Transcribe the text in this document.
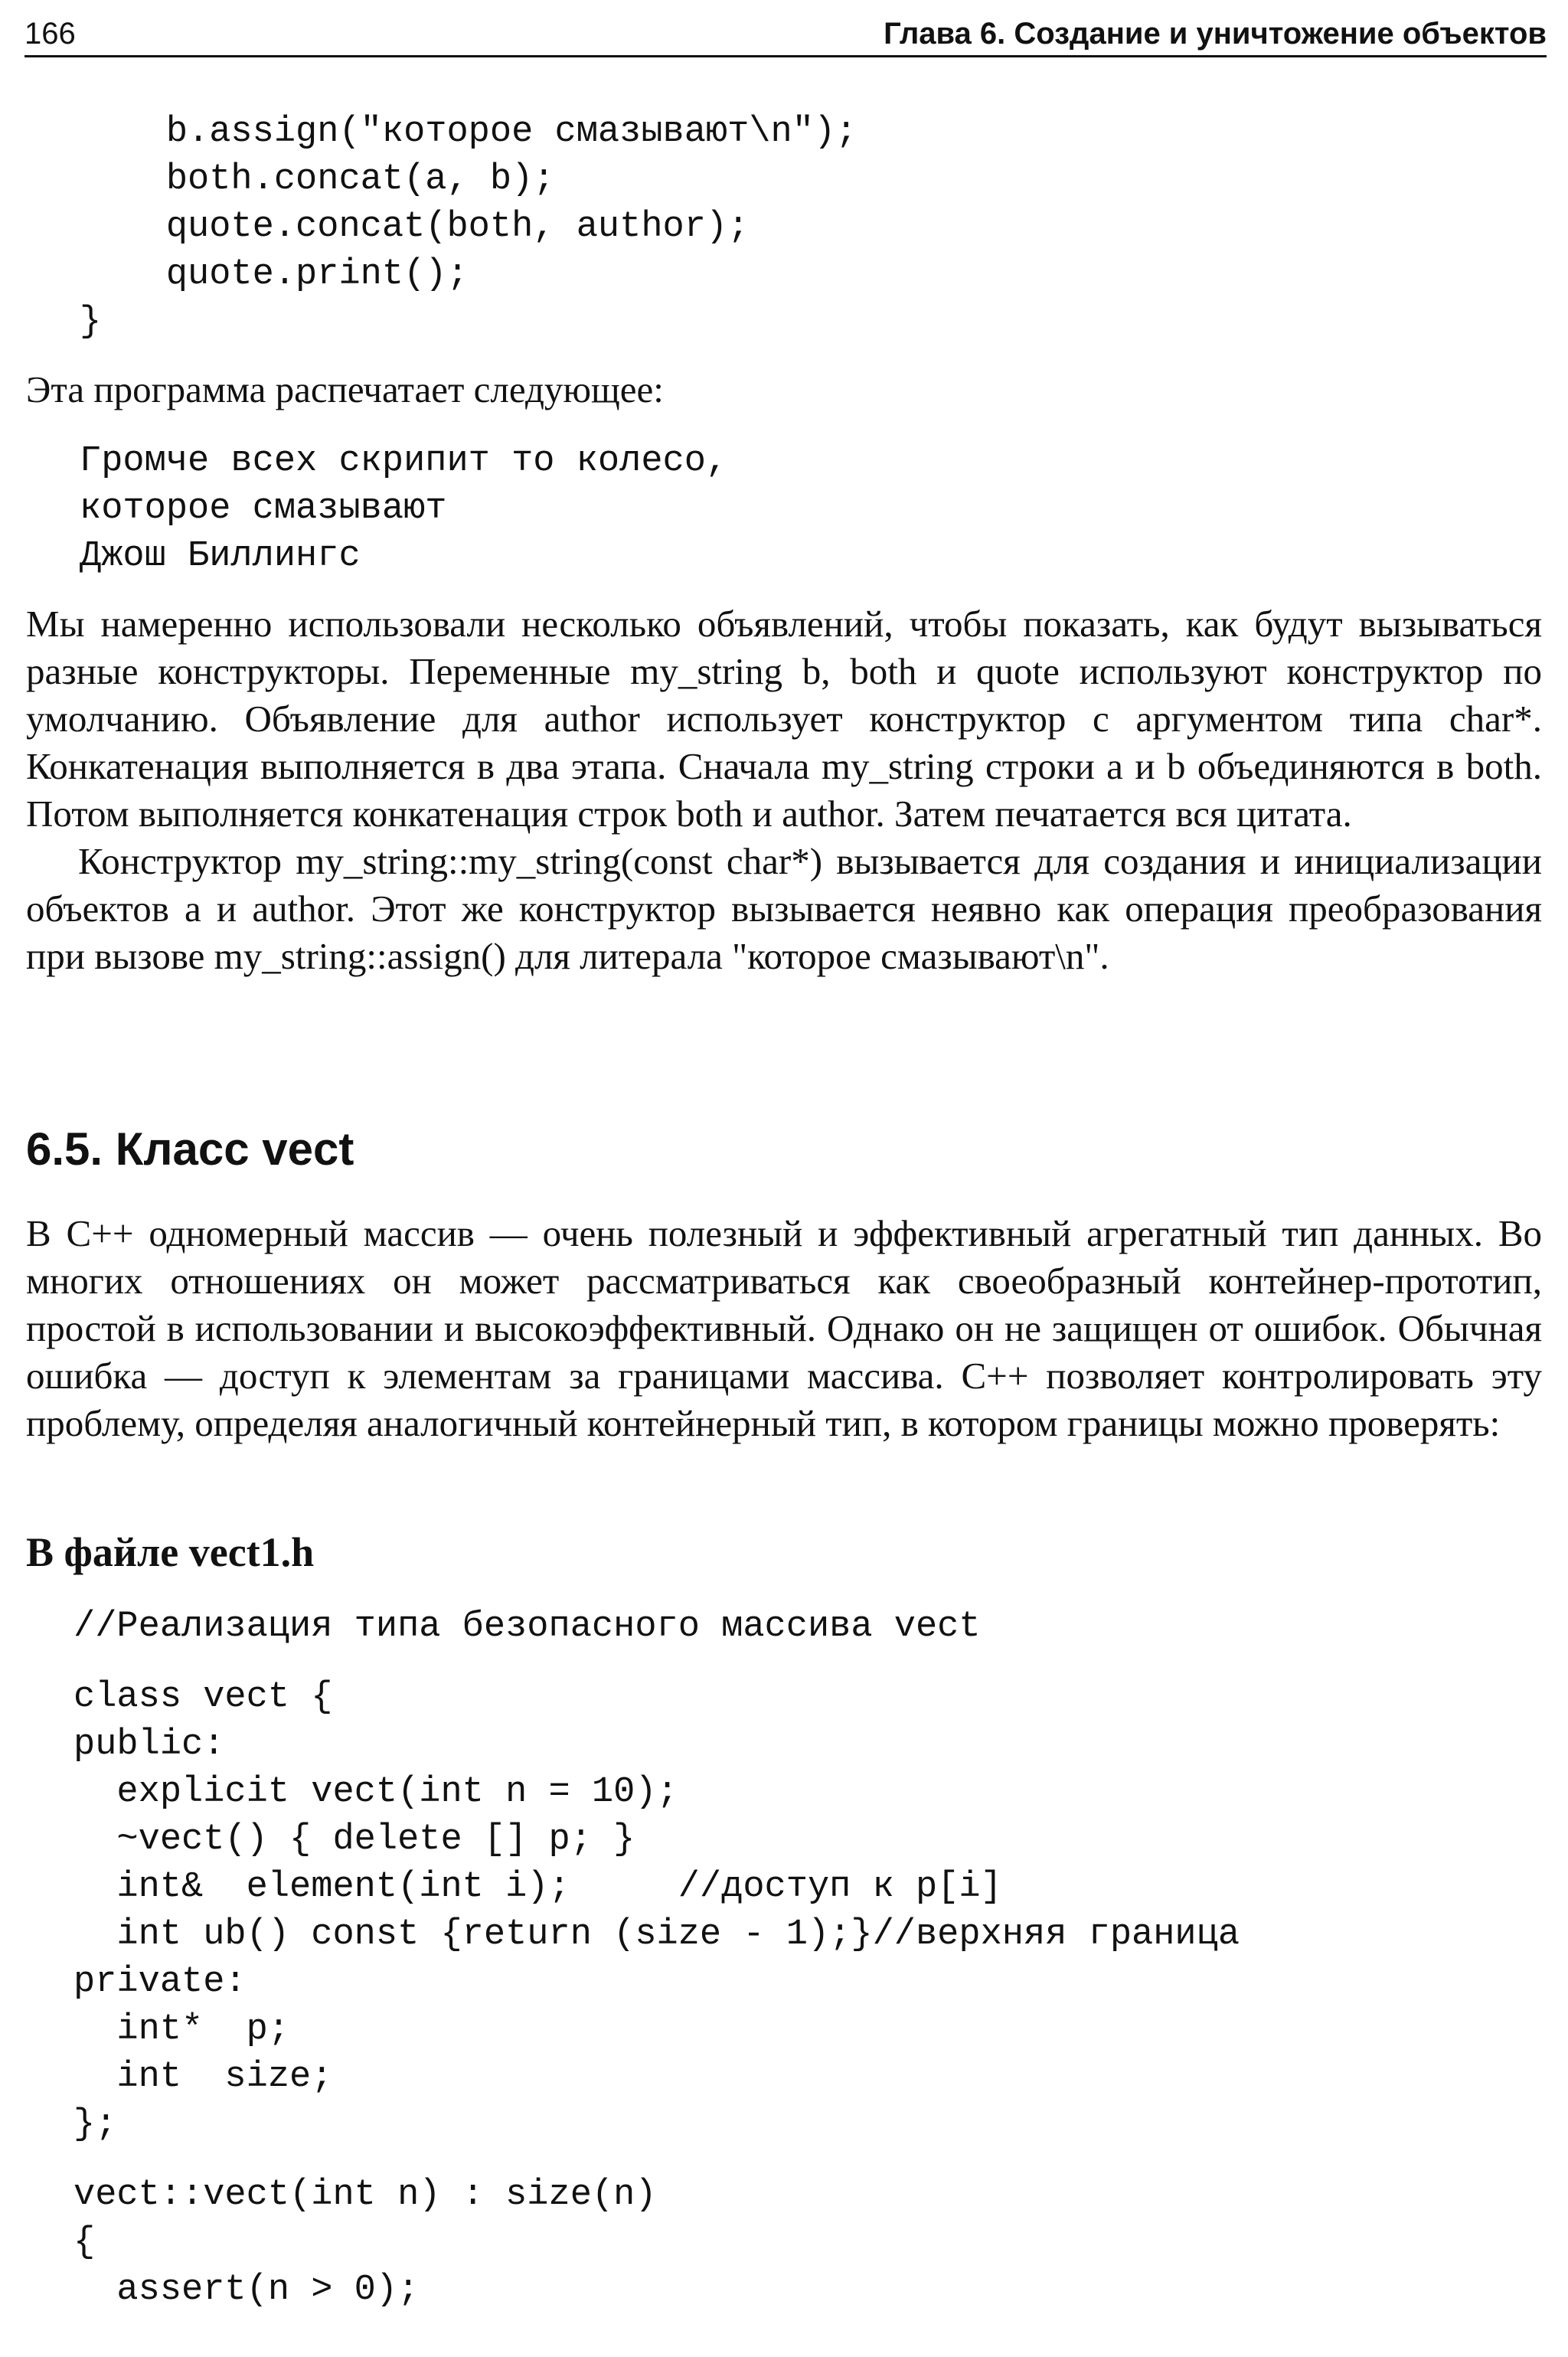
166	Глава 6. Создание и уничтожение объектов
b.assign("которое смазывают\n");
both.concat(a, b);
quote.concat(both, author);
quote.print();
}

Эта программа распечатает следующее:

Громче всех скрипит то колесо,
которое смазывают
Джош Биллингс

Мы намеренно использовали несколько объявлений, чтобы показать, как будут вызываться разные конструкторы. Переменные my_string b, both и quote используют конструктор по умолчанию. Объявление для author использует конструктор с аргументом типа char*. Конкатенация выполняется в два этапа. Сначала my_string строки a и b объединяются в both. Потом выполняется конкатенация строк both и author. Затем печатается вся цитата.

Конструктор my_string::my_string(const char*) вызывается для создания и инициализации объектов a и author. Этот же конструктор вызывается неявно как операция преобразования при вызове my_string::assign() для литерала "которое смазывают\n".

6.5. Класс vect

В С++ одномерный массив — очень полезный и эффективный агрегатный тип данных. Во многих отношениях он может рассматриваться как своеобразный контейнер-прототип, простой в использовании и высокоэффективный. Однако он не защищен от ошибок. Обычная ошибка — доступ к элементам за границами массива. С++ позволяет контролировать эту проблему, определяя аналогичный контейнерный тип, в котором границы можно проверять:

В файле vect1.h
//Реализация типа безопасного массива vect
class vect {
public:
explicit vect(int n = 10);
~vect() { delete [] p; }
int&  element(int i);     //доступ к p[i]
int ub() const {return (size - 1);}//верхняя граница
private:
int*  p;
int  size;
};
vect::vect(int n) : size(n)
{
assert(n > 0);
